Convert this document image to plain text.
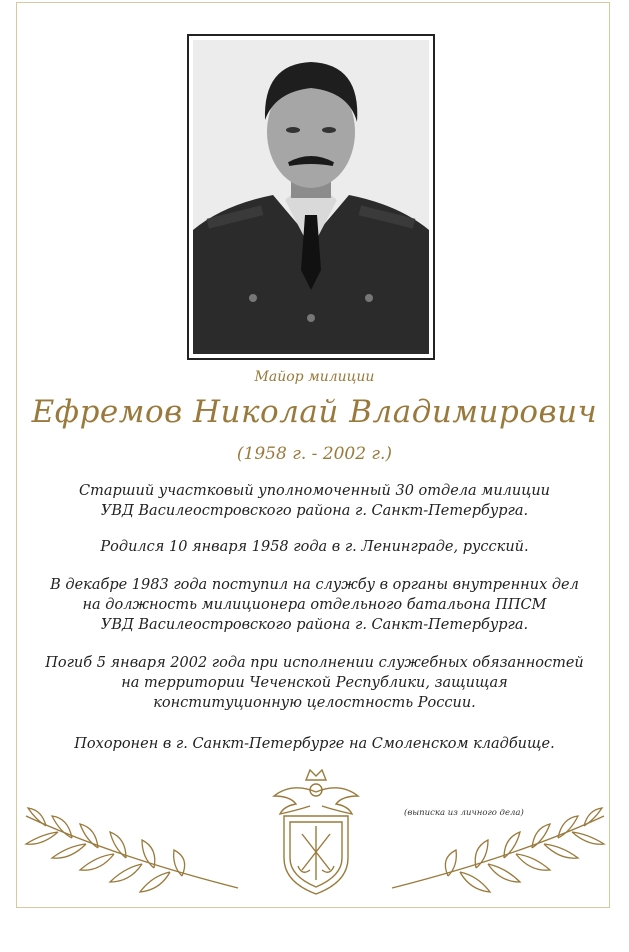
Майор милиции
Ефремов Николай Владимирович
(1958 г. - 2002 г.)
Старший участковый уполномоченный 30 отдела милиции
УВД Василеостровского района г. Санкт-Петербурга.
Родился 10 января 1958 года в г. Ленинграде, русский.
В декабре 1983 года поступил на службу в органы внутренних дел
на должность милиционера отдельного батальона ППСМ
УВД Василеостровского района г. Санкт-Петербурга.
Погиб 5 января 2002 года при исполнении служебных обязанностей
на территории Чеченской Республики, защищая
конституционную целостность России.
Похоронен в г. Санкт-Петербурге на Смоленском кладбище.
(выписка из личного дела)
